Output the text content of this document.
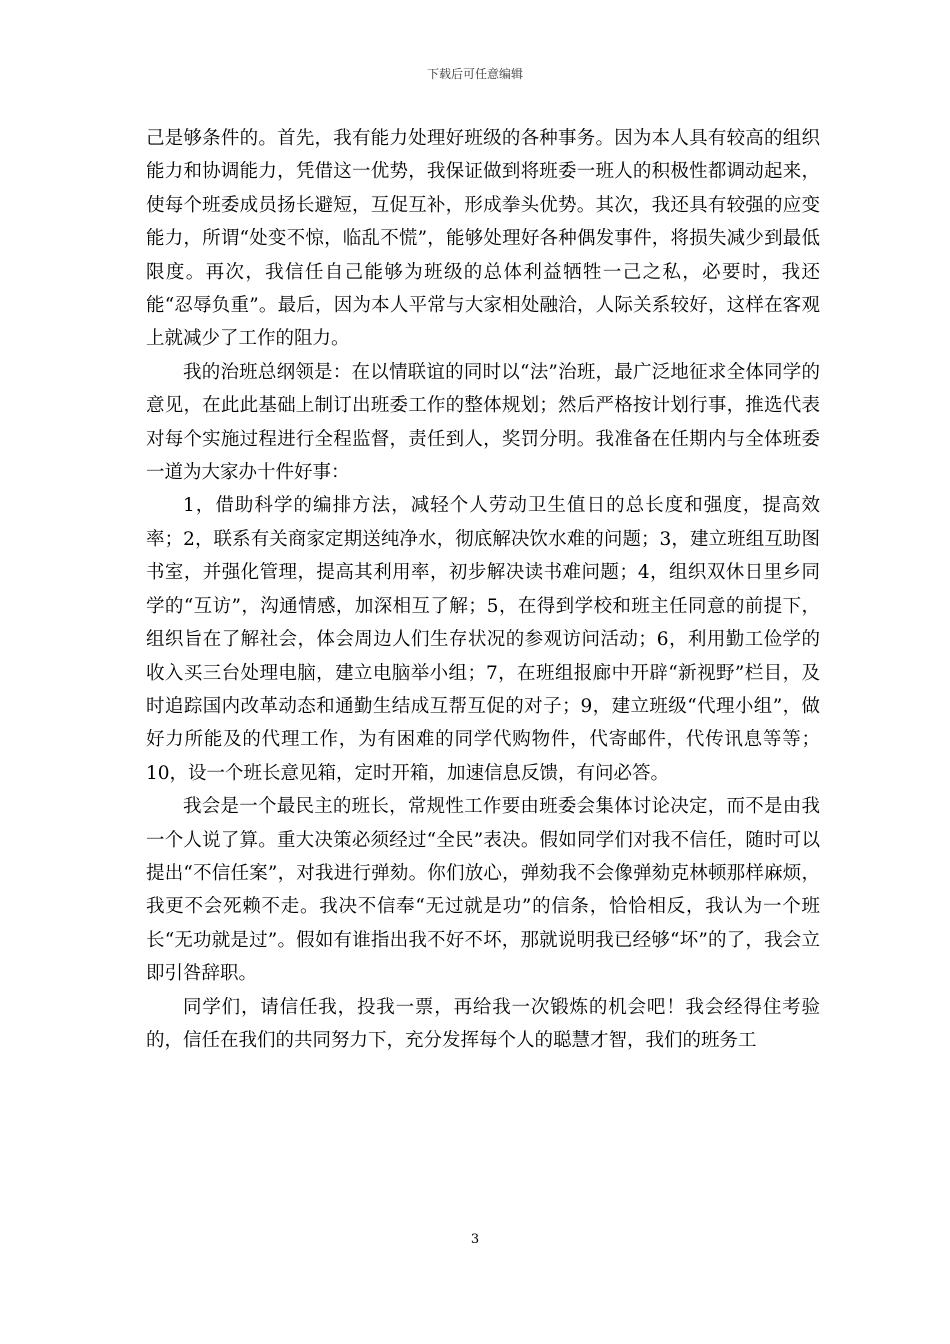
下载后可任意编辑

己是够条件的。首先，我有能力处理好班级的各种事务。因为本人具有较高的组织能力和协调能力，凭借这一优势，我保证做到将班委一班人的积极性都调动起来，使每个班委成员扬长避短，互促互补，形成拳头优势。其次，我还具有较强的应变能力，所谓“处变不惊，临乱不慌”，能够处理好各种偶发事件，将损失减少到最低限度。再次，我信任自己能够为班级的总体利益牺牲一己之私，必要时，我还能“忍辱负重”。最后，因为本人平常与大家相处融洽，人际关系较好，这样在客观上就减少了工作的阻力。

我的治班总纲领是：在以情联谊的同时以“法”治班，最广泛地征求全体同学的意见，在此此基础上制订出班委工作的整体规划；然后严格按计划行事，推选代表对每个实施过程进行全程监督，责任到人，奖罚分明。我准备在任期内与全体班委一道为大家办十件好事：

1，借助科学的编排方法，减轻个人劳动卫生值日的总长度和强度，提高效率；2，联系有关商家定期送纯净水，彻底解决饮水难的问题；3，建立班组互助图书室，并强化管理，提高其利用率，初步解决读书难问题；4，组织双休日里乡同学的“互访”，沟通情感，加深相互了解；5，在得到学校和班主任同意的前提下，组织旨在了解社会，体会周边人们生存状况的参观访问活动；6，利用勤工俭学的收入买三台处理电脑，建立电脑举小组；7，在班组报廊中开辟“新视野”栏目，及时追踪国内改革动态和通勤生结成互帮互促的对子；9，建立班级“代理小组”，做好力所能及的代理工作，为有困难的同学代购物件，代寄邮件，代传讯息等等；10，设一个班长意见箱，定时开箱，加速信息反馈，有问必答。

我会是一个最民主的班长，常规性工作要由班委会集体讨论决定，而不是由我一个人说了算。重大决策必须经过“全民”表决。假如同学们对我不信任，随时可以提出“不信任案”，对我进行弹劾。你们放心，弹劾我不会像弹劾克林顿那样麻烦，我更不会死赖不走。我决不信奉“无过就是功”的信条，恰恰相反，我认为一个班长“无功就是过”。假如有谁指出我不好不坏，那就说明我已经够“坏”的了，我会立即引咎辞职。

同学们，请信任我，投我一票，再给我一次锻炼的机会吧！我会经得住考验的，信任在我们的共同努力下，充分发挥每个人的聪慧才智，我们的班务工

3
